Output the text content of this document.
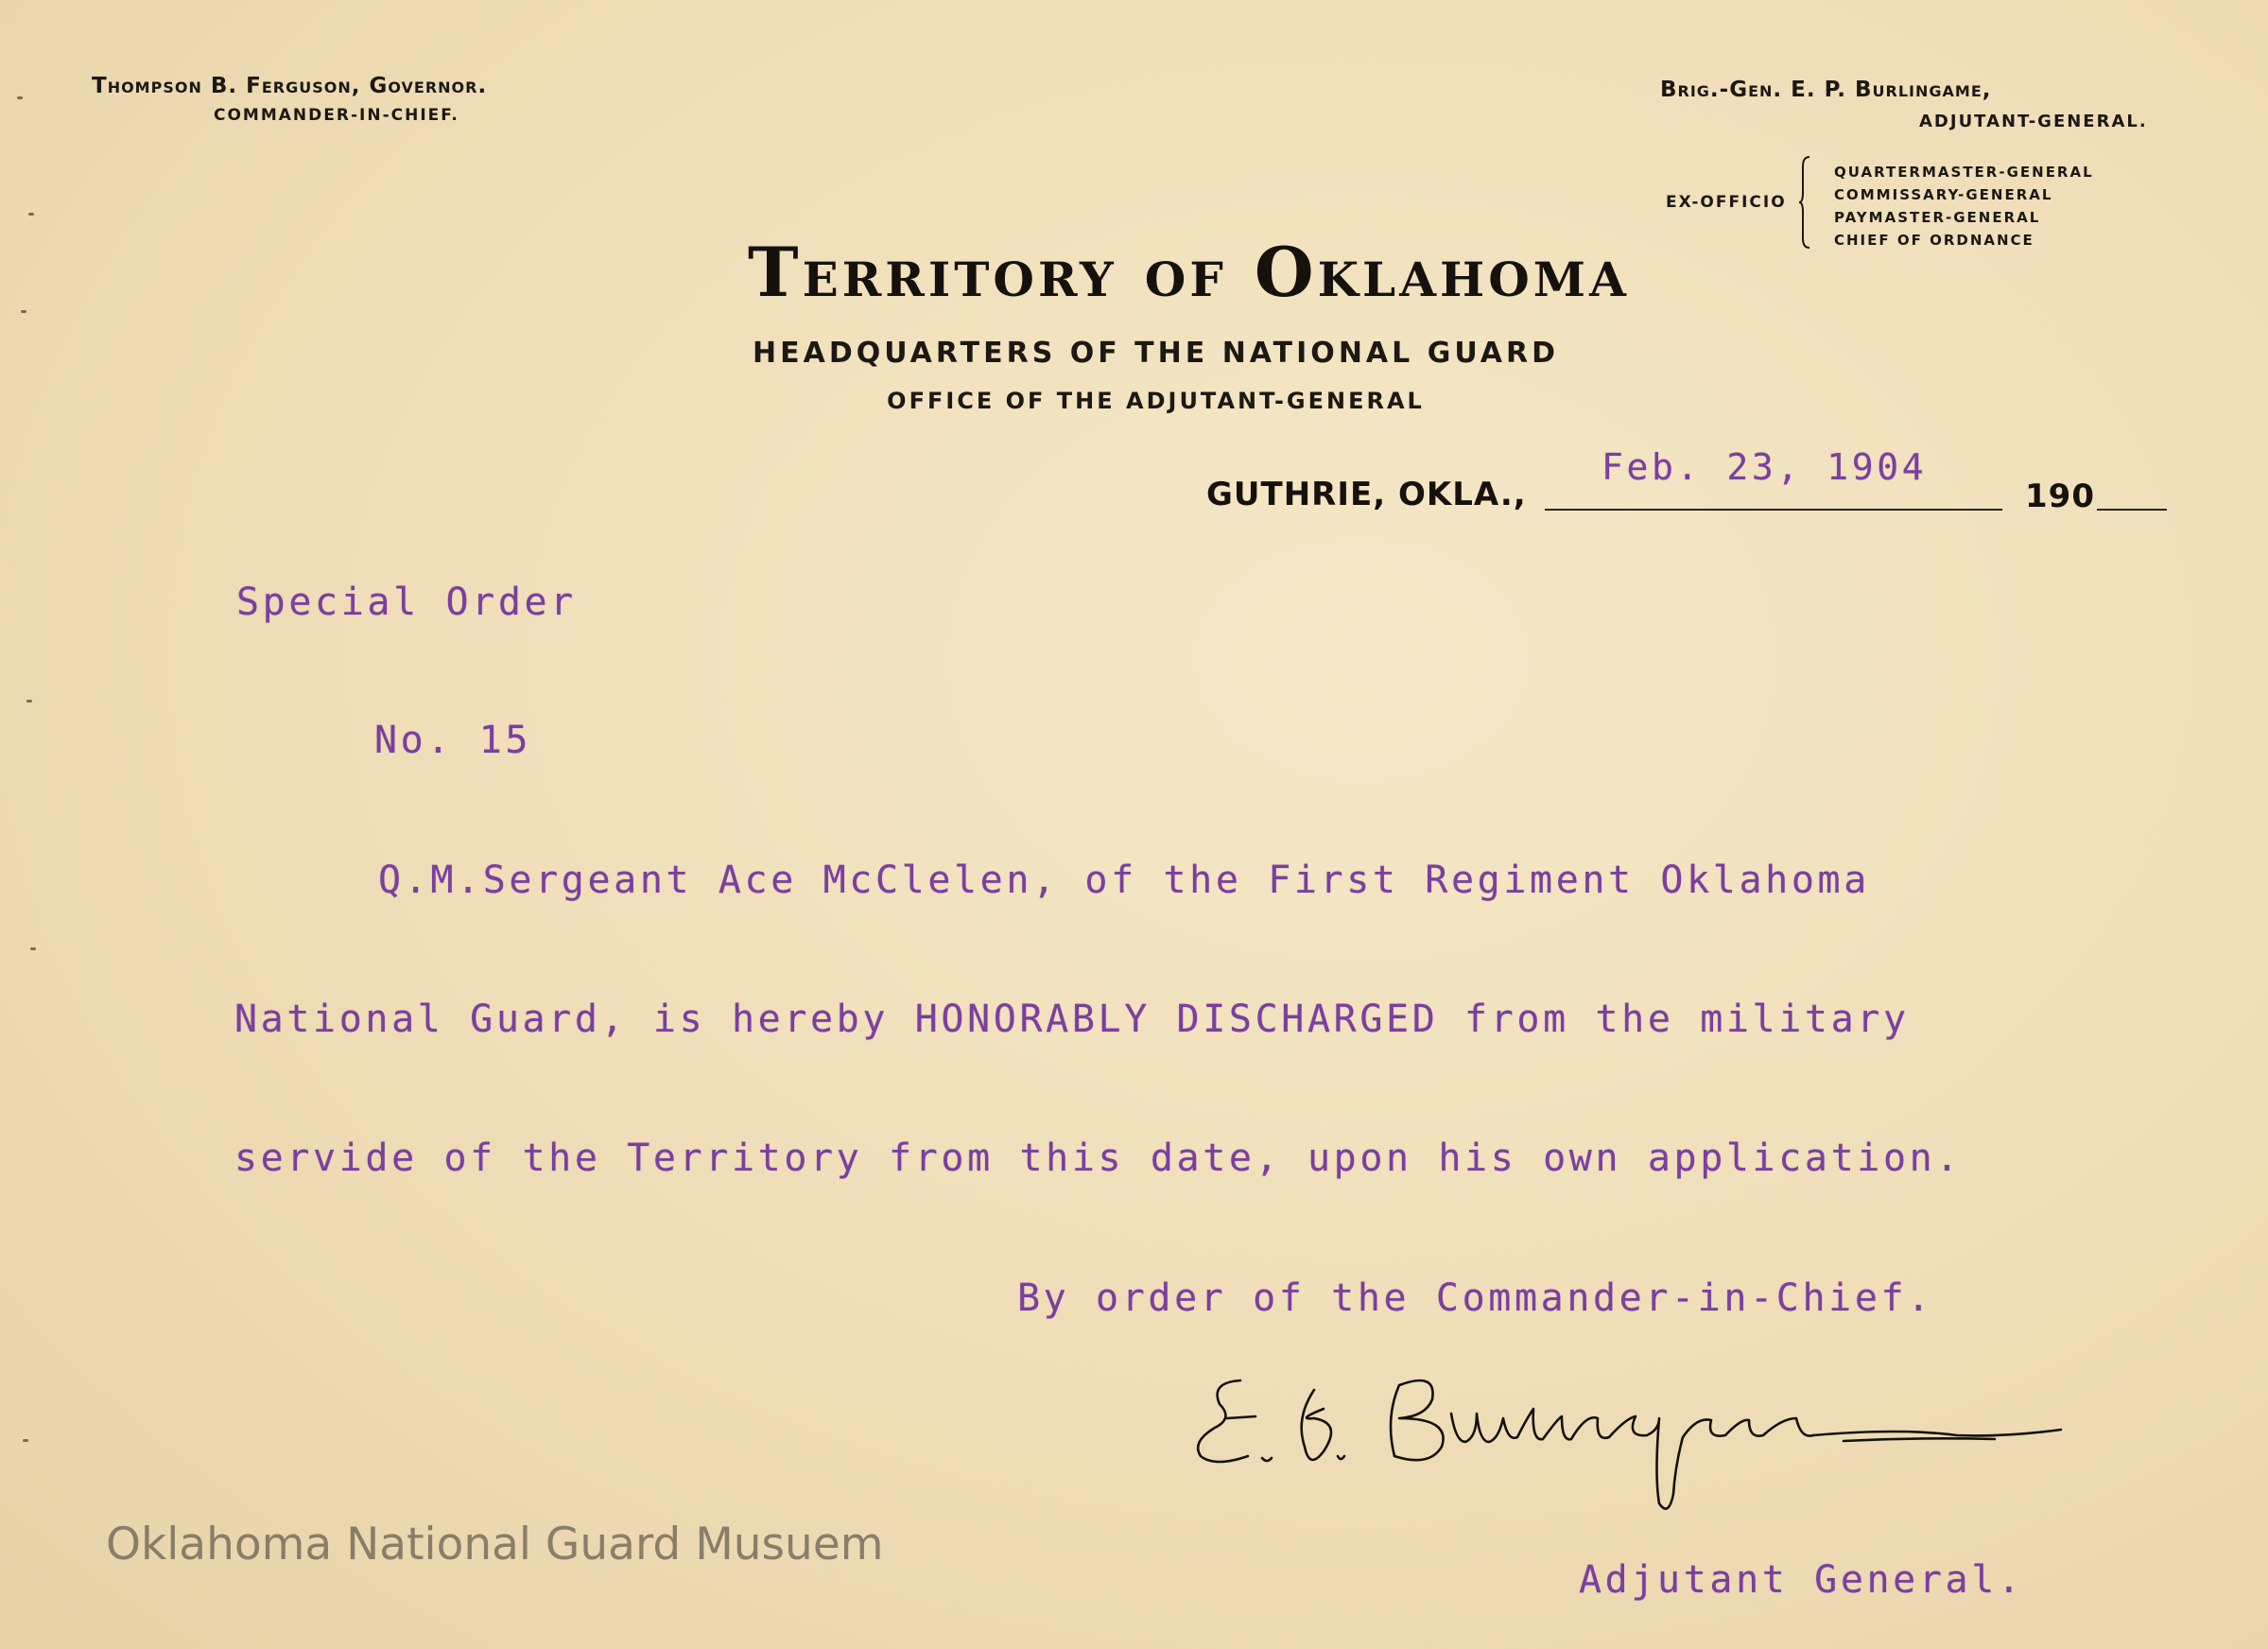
Thompson B. Ferguson, Governor.
COMMANDER-IN-CHIEF.
Brig.-Gen. E. P. Burlingame,
ADJUTANT-GENERAL.
EX-OFFICIO
QUARTERMASTER-GENERAL
COMMISSARY-GENERAL
PAYMASTER-GENERAL
CHIEF OF ORDNANCE
Territory of Oklahoma
HEADQUARTERS OF THE NATIONAL GUARD
OFFICE OF THE ADJUTANT-GENERAL
GUTHRIE, OKLA.,
Feb. 23, 1904
190
Special Order
No. 15
Q.M.Sergeant Ace McClelen, of the First Regiment Oklahoma
National Guard, is hereby HONORABLY DISCHARGED from the military
servide of the Territory from this date, upon his own application.
By order of the Commander-in-Chief.
Adjutant General.
Oklahoma National Guard Musuem
